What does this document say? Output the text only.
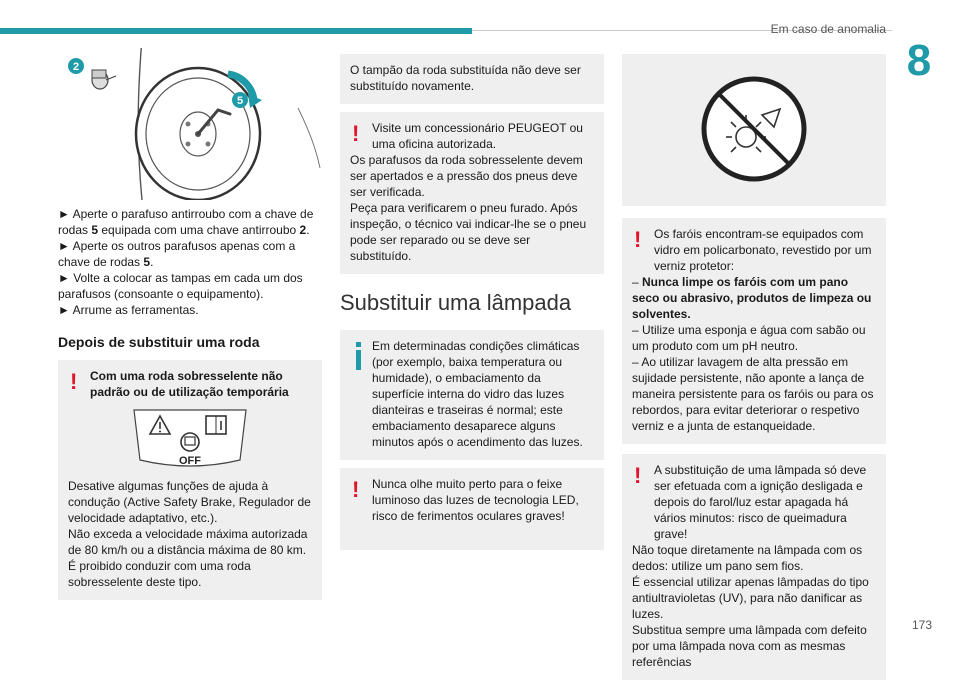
Em caso de anomalia
8
173
2
5

► Aperte o parafuso antirroubo com a chave de rodas 5 equipada com uma chave antirroubo 2.

► Aperte os outros parafusos apenas com a chave de rodas 5.

► Volte a colocar as tampas em cada um dos parafusos (consoante o equipamento).

► Arrume as ferramentas.

Depois de substituir uma roda
!	Com uma roda sobresselente não padrão ou de utilização temporária

OFF

Desative algumas funções de ajuda à condução (Active Safety Brake, Regulador de velocidade adaptativo, etc.).

Não exceda a velocidade máxima autorizada de 80 km/h ou a distância máxima de 80 km.

É proibido conduzir com uma roda sobresselente deste tipo.

O tampão da roda substituída não deve ser substituído novamente.

!	Visite um concessionário PEUGEOT ou uma oficina autorizada.

Os parafusos da roda sobresselente devem ser apertados e a pressão dos pneus deve ser verificada.

Peça para verificarem o pneu furado. Após inspeção, o técnico vai indicar-lhe se o pneu pode ser reparado ou se deve ser substituído.

Substituir uma lâmpada

Em determinadas condições climáticas (por exemplo, baixa temperatura ou humidade), o embaciamento da superfície interna do vidro das luzes dianteiras e traseiras é normal; este embaciamento desaparece alguns minutos após o acendimento das luzes.

!	Nunca olhe muito perto para o feixe luminoso das luzes de tecnologia LED, risco de ferimentos oculares graves!

!	Os faróis encontram-se equipados com vidro em policarbonato, revestido por um verniz protetor:

– Nunca limpe os faróis com um pano seco ou abrasivo, produtos de limpeza ou solventes.

– Utilize uma esponja e água com sabão ou um produto com um pH neutro.

– Ao utilizar lavagem de alta pressão em sujidade persistente, não aponte a lança de maneira persistente para os faróis ou para os rebordos, para evitar deteriorar o respetivo verniz e a junta de estanqueidade.

!	A substituição de uma lâmpada só deve ser efetuada com a ignição desligada e depois do farol/luz estar apagada há vários minutos: risco de queimadura grave!

Não toque diretamente na lâmpada com os dedos: utilize um pano sem fios.

É essencial utilizar apenas lâmpadas do tipo antiultravioletas (UV), para não danificar as luzes.

Substitua sempre uma lâmpada com defeito por uma lâmpada nova com as mesmas referências
